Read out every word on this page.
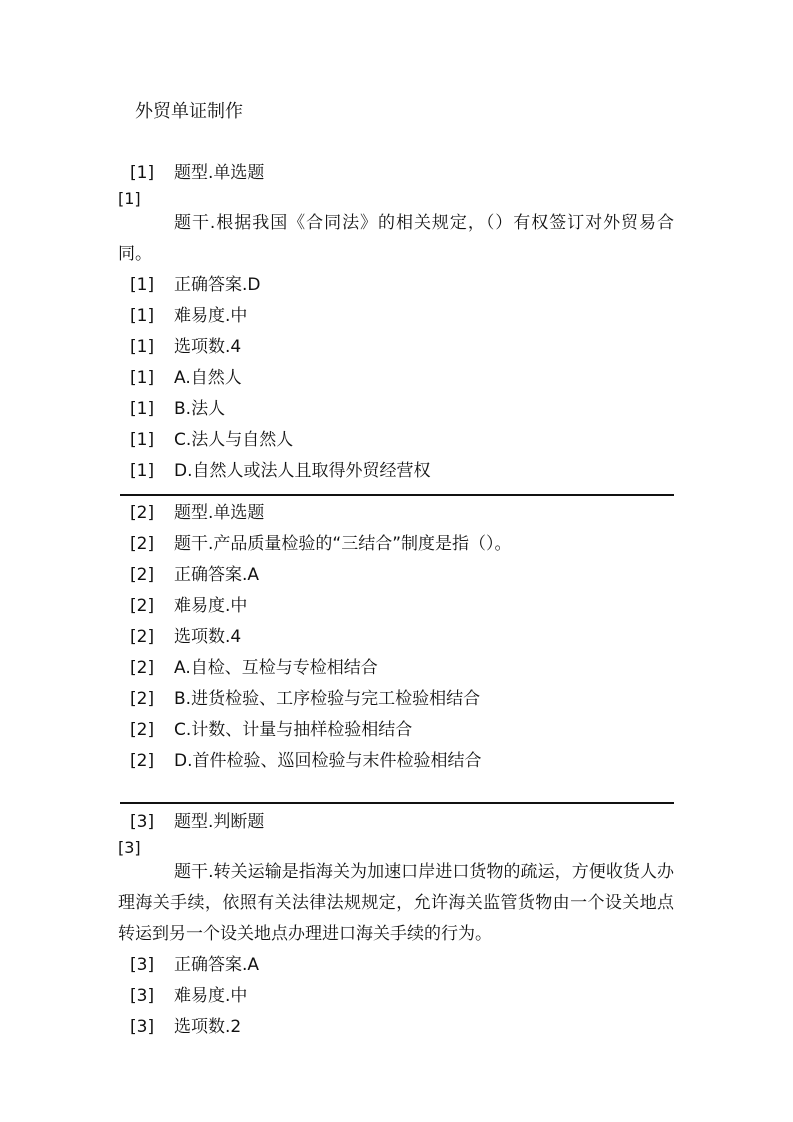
外贸单证制作
[1] 题型.单选题
[1]
题干.根据我国《合同法》的相关规定，（）有权签订对外贸易合同。
[1] 正确答案.D
[1] 难易度.中
[1] 选项数.4
[1] A.自然人
[1] B.法人
[1] C.法人与自然人
[1] D.自然人或法人且取得外贸经营权
[2] 题型.单选题
[2] 题干.产品质量检验的“三结合”制度是指（）。
[2] 正确答案.A
[2] 难易度.中
[2] 选项数.4
[2] A.自检、互检与专检相结合
[2] B.进货检验、工序检验与完工检验相结合
[2] C.计数、计量与抽样检验相结合
[2] D.首件检验、巡回检验与末件检验相结合
[3] 题型.判断题
[3]
题干.转关运输是指海关为加速口岸进口货物的疏运，方便收货人办理海关手续，依照有关法律法规规定，允许海关监管货物由一个设关地点转运到另一个设关地点办理进口海关手续的行为。
[3] 正确答案.A
[3] 难易度.中
[3] 选项数.2
